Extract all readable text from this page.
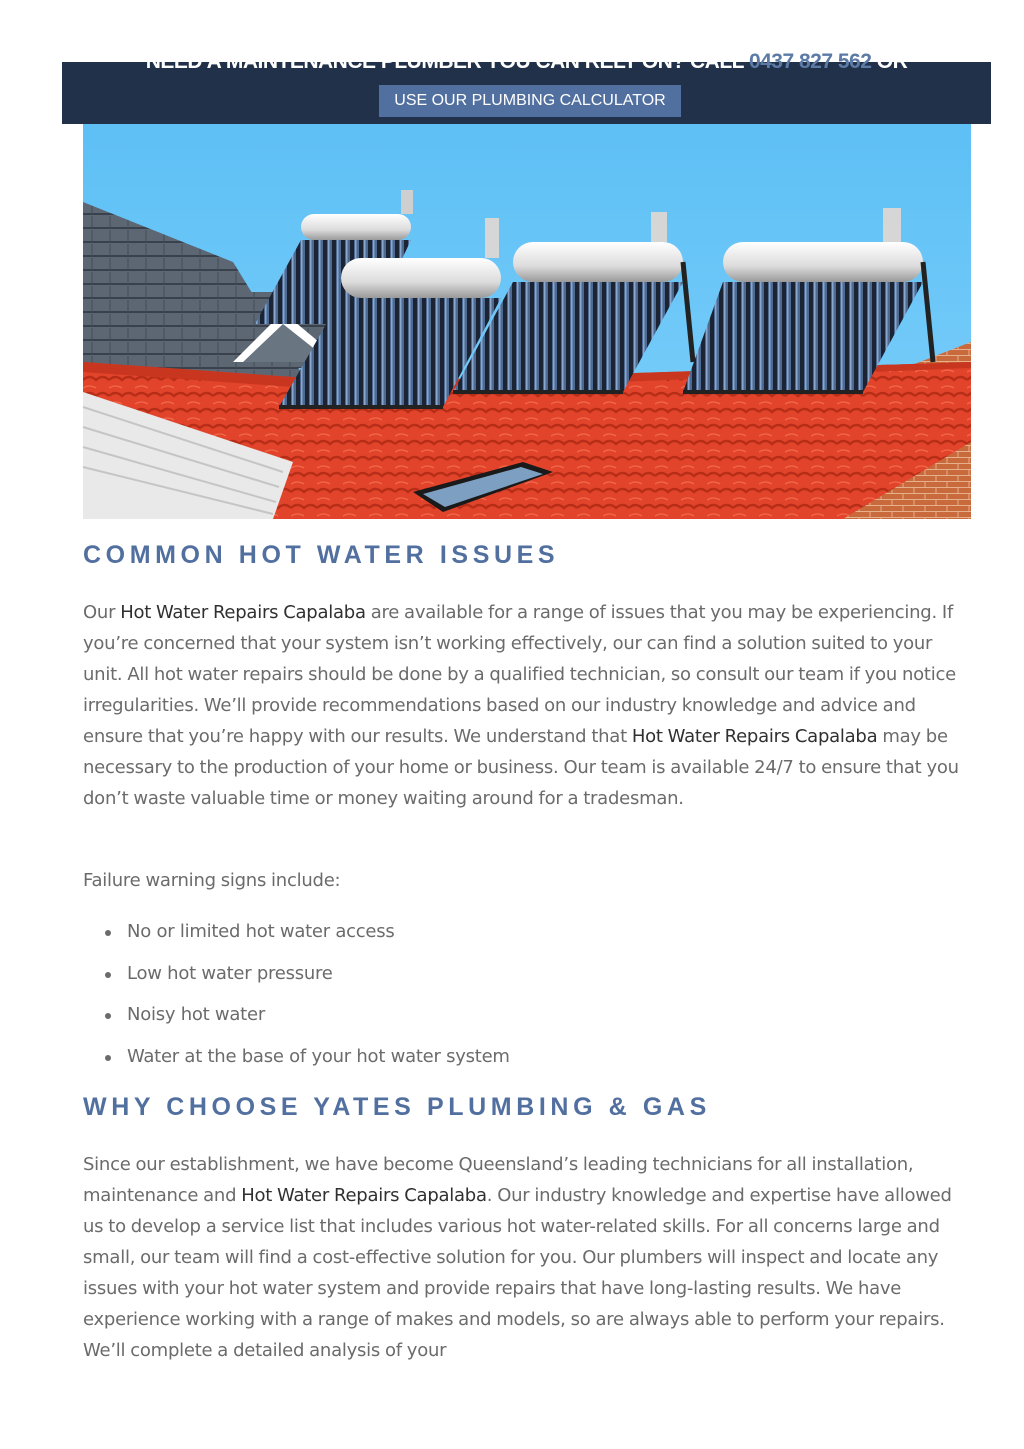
NEED A MAINTENANCE PLUMBER YOU CAN RELY ON? CALL 0437 827 562 OR
USE OUR PLUMBING CALCULATOR
COMMON HOT WATER ISSUES

Our Hot Water Repairs Capalaba are available for a range of issues that you may be experiencing. If you’re concerned that your system isn’t working effectively, our can find a solution suited to your unit. All hot water repairs should be done by a qualified technician, so consult our team if you notice irregularities. We’ll provide recommendations based on our industry knowledge and advice and ensure that you’re happy with our results. We understand that Hot Water Repairs Capalaba may be necessary to the production of your home or business. Our team is available 24/7 to ensure that you don’t waste valuable time or money waiting around for a tradesman.

Failure warning signs include:

No or limited hot water access
Low hot water pressure
Noisy hot water
Water at the base of your hot water system
WHY CHOOSE YATES PLUMBING & GAS

Since our establishment, we have become Queensland’s leading technicians for all installation, maintenance and Hot Water Repairs Capalaba. Our industry knowledge and expertise have allowed us to develop a service list that includes various hot water-related skills. For all concerns large and small, our team will find a cost-effective solution for you. Our plumbers will inspect and locate any issues with your hot water system and provide repairs that have long-lasting results. We have experience working with a range of makes and models, so are always able to perform your repairs. We’ll complete a detailed analysis of your
